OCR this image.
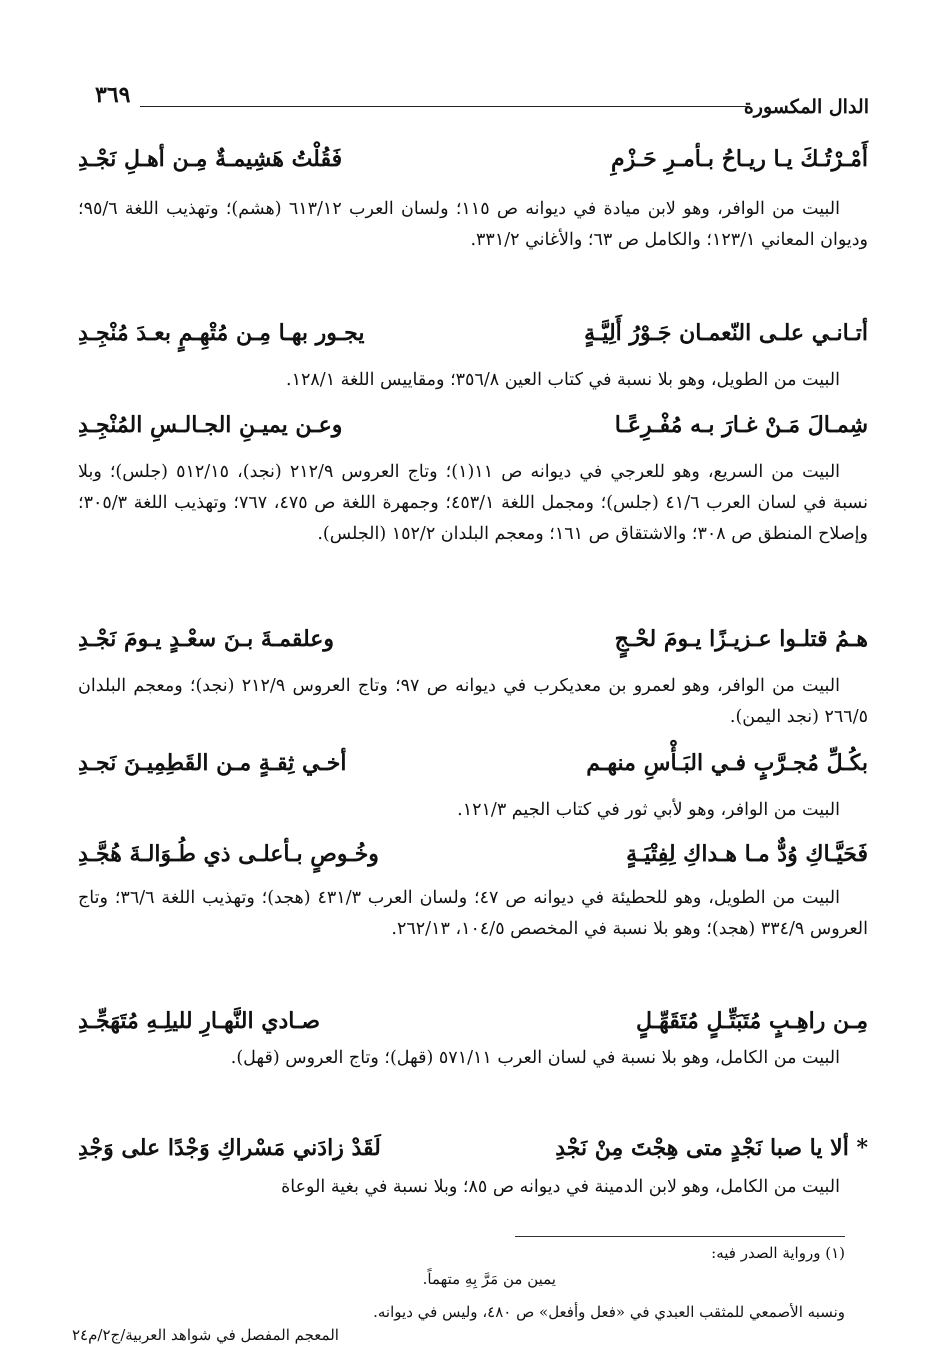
الدال المكسورة
٣٦٩
أَمْـرْتُـكَ يـا ريـاحُ بـأمـرِ حَـزْمِ
فَقُلْتُ هَشِيمـةٌ مِـن أهـلِ نَجْـدِ
البيت من الوافر، وهو لابن ميادة في ديوانه ص ١١٥؛ ولسان العرب ٦١٣/١٢ (هشم)؛ وتهذيب اللغة ٩٥/٦؛ وديوان المعاني ١٢٣/١؛ والكامل ص ٦٣؛ والأغاني ٣٣١/٢.
أتـانـي علـى النّعمـان جَـوْرُ أَلِيَّـةٍ
يجـور بهـا مِـن مُتْهِـمٍ بعـدَ مُنْجِـدِ
البيت من الطويل، وهو بلا نسبة في كتاب العين ٣٥٦/٨؛ ومقاييس اللغة ١٢٨/١.
شِمـالَ مَـنْ غـارَ بـه مُفْـرِعًـا
وعـن يميـنِ الجـالـسِ المُنْجِـدِ
البيت من السريع، وهو للعرجي في ديوانه ص ١١(١)؛ وتاج العروس ٢١٢/٩ (نجد)، ٥١٢/١٥ (جلس)؛ وبلا نسبة في لسان العرب ٤١/٦ (جلس)؛ ومجمل اللغة ٤٥٣/١؛ وجمهرة اللغة ص ٤٧٥، ٧٦٧؛ وتهذيب اللغة ٣٠٥/٣؛ وإصلاح المنطق ص ٣٠٨؛ والاشتقاق ص ١٦١؛ ومعجم البلدان ١٥٢/٢ (الجلس).
هـمُ قتلـوا عـزيـزًا يـومَ لحْـجٍ
وعلقمـةَ بـنَ سعْـدٍ يـومَ نَجْـدِ
البيت من الوافر، وهو لعمرو بن معديكرب في ديوانه ص ٩٧؛ وتاج العروس ٢١٢/٩ (نجد)؛ ومعجم البلدان ٢٦٦/٥ (نجد اليمن).
بكُـلِّ مُجـرَّبٍ فـي البَـأْسِ منهـم
أخـي ثِقـةٍ مـن القَطِمِيـنَ نَجـدِ
البيت من الوافر، وهو لأبي ثور في كتاب الجيم ١٢١/٣.
فَحَيَّـاكِ وُدٌّ مـا هـداكِ لِفِتْيَـةٍ
وخُـوصٍ بـأعلـى ذي طُـوَالـةَ هُجَّـدِ
البيت من الطويل، وهو للحطيئة في ديوانه ص ٤٧؛ ولسان العرب ٤٣١/٣ (هجد)؛ وتهذيب اللغة ٣٦/٦؛ وتاج العروس ٣٣٤/٩ (هجد)؛ وهو بلا نسبة في المخصص ١٠٤/٥، ٢٦٢/١٣.
مِـن راهِـبٍ مُتَبَتِّـلٍ مُتَقَهِّـلٍ
صـادي النَّهـارِ لليلِـهِ مُتَهَجِّـدِ
البيت من الكامل، وهو بلا نسبة في لسان العرب ٥٧١/١١ (قهل)؛ وتاج العروس (قهل).
* ألا يا صبا نَجْدٍ متى هِجْتَ مِنْ نَجْدِ
لَقَدْ زادَني مَسْراكِ وَجْدًا على وَجْدِ
البيت من الكامل، وهو لابن الدمينة في ديوانه ص ٨٥؛ وبلا نسبة في بغية الوعاة
(١) ورواية الصدر فيه:
يمين من مَرَّ بِهِ متهماً.
ونسبه الأصمعي للمثقب العبدي في «فعل وأفعل» ص ٤٨٠، وليس في ديوانه.
المعجم المفصل في شواهد العربية/ج٢/م٢٤
